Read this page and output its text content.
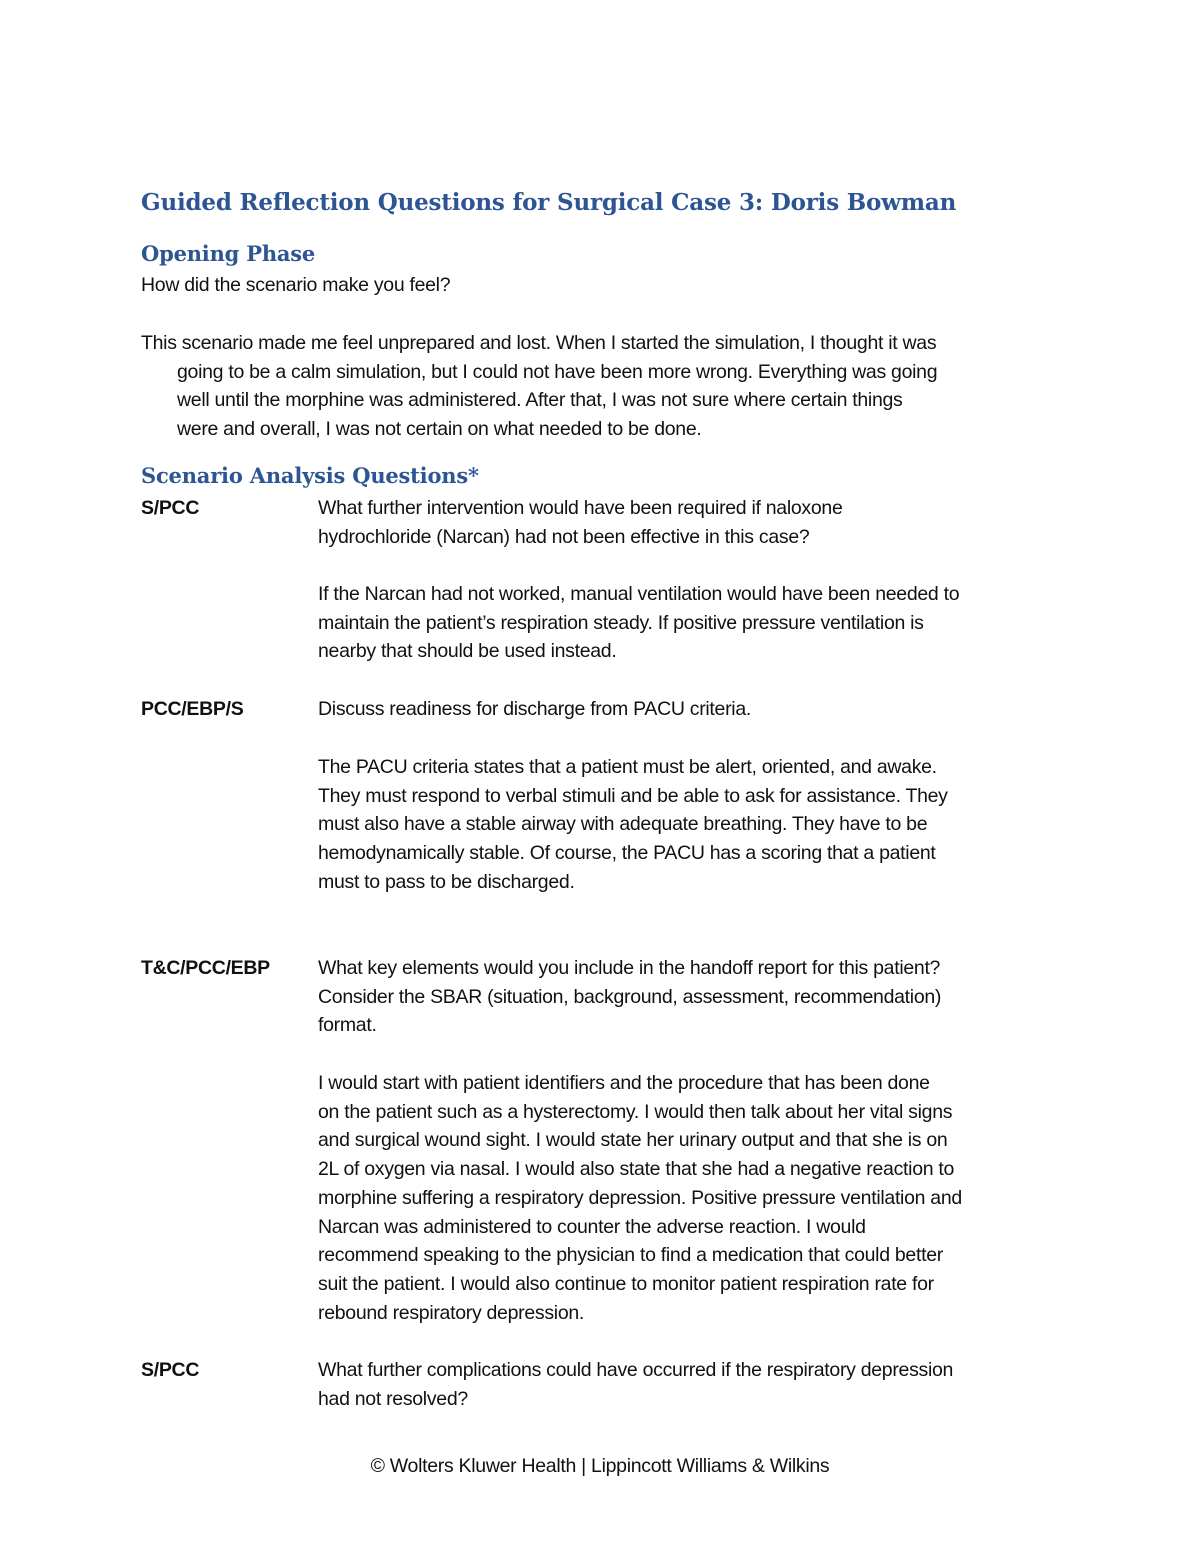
Guided Reflection Questions for Surgical Case 3: Doris Bowman
Opening Phase
How did the scenario make you feel?
This scenario made me feel unprepared and lost. When I started the simulation, I thought it was
going to be a calm simulation, but I could not have been more wrong. Everything was going
well until the morphine was administered. After that, I was not sure where certain things
were and overall, I was not certain on what needed to be done.
Scenario Analysis Questions*
S/PCC	What further intervention would have been required if naloxone
hydrochloride (Narcan) had not been effective in this case?
If the Narcan had not worked, manual ventilation would have been needed to
maintain the patient’s respiration steady. If positive pressure ventilation is
nearby that should be used instead.
PCC/EBP/S	Discuss readiness for discharge from PACU criteria.
The PACU criteria states that a patient must be alert, oriented, and awake.
They must respond to verbal stimuli and be able to ask for assistance. They
must also have a stable airway with adequate breathing. They have to be
hemodynamically stable. Of course, the PACU has a scoring that a patient
must to pass to be discharged.
T&C/PCC/EBP What key elements would you include in the handoff report for this patient?
Consider the SBAR (situation, background, assessment, recommendation)
format.
I would start with patient identifiers and the procedure that has been done
on the patient such as a hysterectomy. I would then talk about her vital signs
and surgical wound sight. I would state her urinary output and that she is on
2L of oxygen via nasal. I would also state that she had a negative reaction to
morphine suffering a respiratory depression. Positive pressure ventilation and
Narcan was administered to counter the adverse reaction. I would
recommend speaking to the physician to find a medication that could better
suit the patient. I would also continue to monitor patient respiration rate for
rebound respiratory depression.
S/PCC	What further complications could have occurred if the respiratory depression
had not resolved?
© Wolters Kluwer Health | Lippincott Williams & Wilkins
